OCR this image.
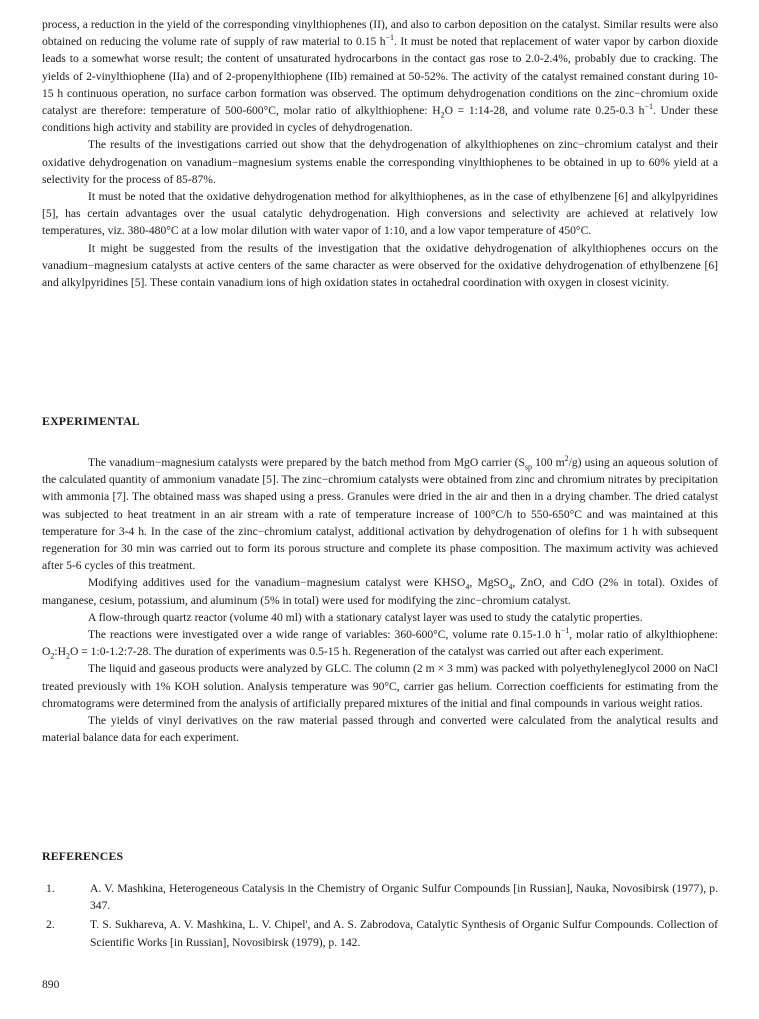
process, a reduction in the yield of the corresponding vinylthiophenes (II), and also to carbon deposition on the catalyst. Similar results were also obtained on reducing the volume rate of supply of raw material to 0.15 $h^{-1}$. It must be noted that replacement of water vapor by carbon dioxide leads to a somewhat worse result; the content of unsaturated hydrocarbons in the contact gas rose to 2.0-2.4%, probably due to cracking. The yields of 2-vinylthiophene (IIa) and of 2-propenylthiophene (IIb) remained at 50-52%. The activity of the catalyst remained constant during 10-15 h continuous operation, no surface carbon formation was observed. The optimum dehydrogenation conditions on the zinc−chromium oxide catalyst are therefore: temperature of 500-600°C, molar ratio of alkylthiophene: $H_2O$ = 1:14-28, and volume rate 0.25-0.3 $h^{-1}$. Under these conditions high activity and stability are provided in cycles of dehydrogenation.

The results of the investigations carried out show that the dehydrogenation of alkylthiophenes on zinc−chromium catalyst and their oxidative dehydrogenation on vanadium−magnesium systems enable the corresponding vinylthiophenes to be obtained in up to 60% yield at a selectivity for the process of 85-87%.

It must be noted that the oxidative dehydrogenation method for alkylthiophenes, as in the case of ethylbenzene [6] and alkylpyridines [5], has certain advantages over the usual catalytic dehydrogenation. High conversions and selectivity are achieved at relatively low temperatures, viz. 380-480°C at a low molar dilution with water vapor of 1:10, and a low vapor temperature of 450°C.

It might be suggested from the results of the investigation that the oxidative dehydrogenation of alkylthiophenes occurs on the vanadium−magnesium catalysts at active centers of the same character as were observed for the oxidative dehydrogenation of ethylbenzene [6] and alkylpyridines [5]. These contain vanadium ions of high oxidation states in octahedral coordination with oxygen in closest vicinity.

EXPERIMENTAL

The vanadium−magnesium catalysts were prepared by the batch method from MgO carrier ($S_{sp}$ 100 $m^2/g$) using an aqueous solution of the calculated quantity of ammonium vanadate [5]. The zinc−chromium catalysts were obtained from zinc and chromium nitrates by precipitation with ammonia [7]. The obtained mass was shaped using a press. Granules were dried in the air and then in a drying chamber. The dried catalyst was subjected to heat treatment in an air stream with a rate of temperature increase of 100°C/h to 550-650°C and was maintained at this temperature for 3-4 h. In the case of the zinc−chromium catalyst, additional activation by dehydrogenation of olefins for 1 h with subsequent regeneration for 30 min was carried out to form its porous structure and complete its phase composition. The maximum activity was achieved after 5-6 cycles of this treatment.

Modifying additives used for the vanadium−magnesium catalyst were $KHSO_4$, MgSO$_4$, ZnO, and CdO (2% in total). Oxides of manganese, cesium, potassium, and aluminum (5% in total) were used for modifying the zinc−chromium catalyst.

A flow-through quartz reactor (volume 40 ml) with a stationary catalyst layer was used to study the catalytic properties.

The reactions were investigated over a wide range of variables: 360-600°C, volume rate 0.15-1.0 $h^{-1}$, molar ratio of alkylthiophene: $O_2:H_2O$ = 1:0-1.2:7-28. The duration of experiments was 0.5-15 h. Regeneration of the catalyst was carried out after each experiment.

The liquid and gaseous products were analyzed by GLC. The column (2 m × 3 mm) was packed with polyethyleneglycol 2000 on NaCl treated previously with 1% KOH solution. Analysis temperature was 90°C, carrier gas helium. Correction coefficients for estimating from the chromatograms were determined from the analysis of artificially prepared mixtures of the initial and final compounds in various weight ratios.

The yields of vinyl derivatives on the raw material passed through and converted were calculated from the analytical results and material balance data for each experiment.

REFERENCES
1.	A. V. Mashkina, Heterogeneous Catalysis in the Chemistry of Organic Sulfur Compounds [in Russian], Nauka, Novosibirsk (1977), p. 347.
2.	T. S. Sukhareva, A. V. Mashkina, L. V. Chipel', and A. S. Zabrodova, Catalytic Synthesis of Organic Sulfur Compounds. Collection of Scientific Works [in Russian], Novosibirsk (1979), p. 142.
890
